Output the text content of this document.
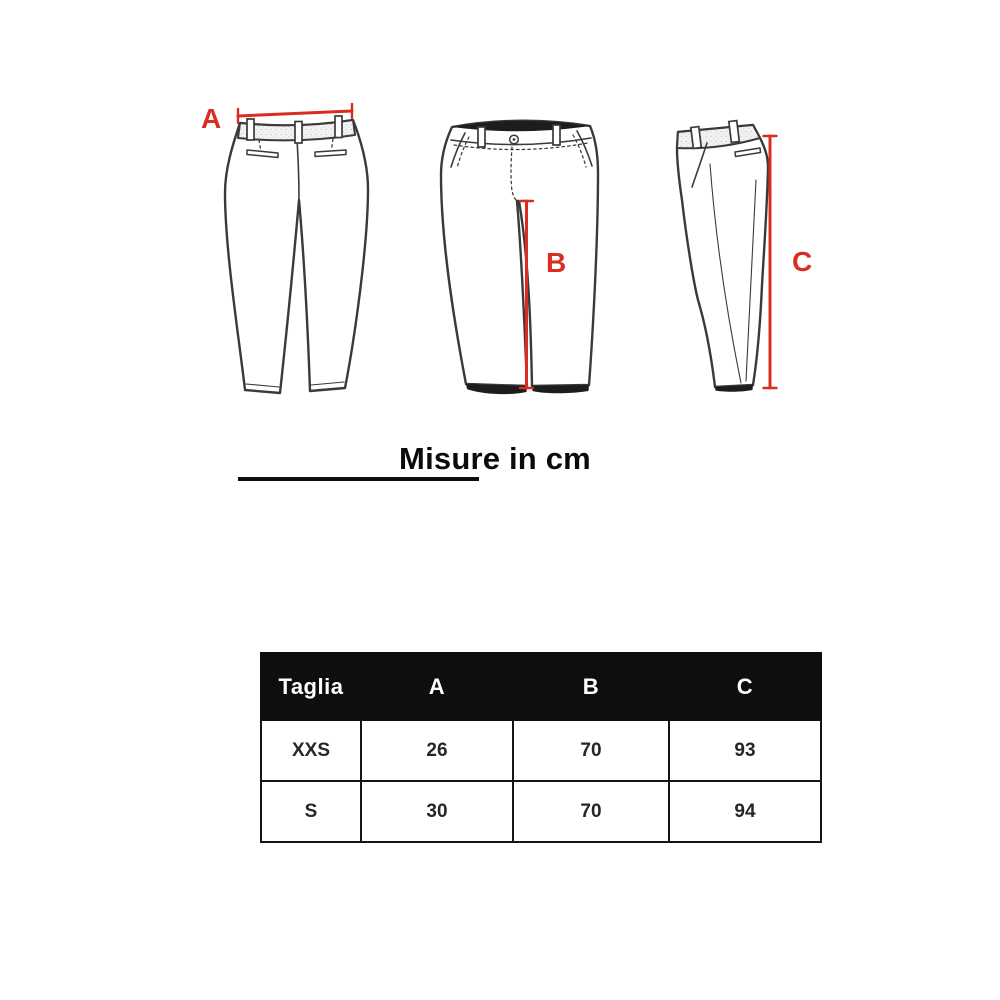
A
B	C
Misure in cm
Taglia	A	B	C
XXS	26	70	93
S	30	70	94
